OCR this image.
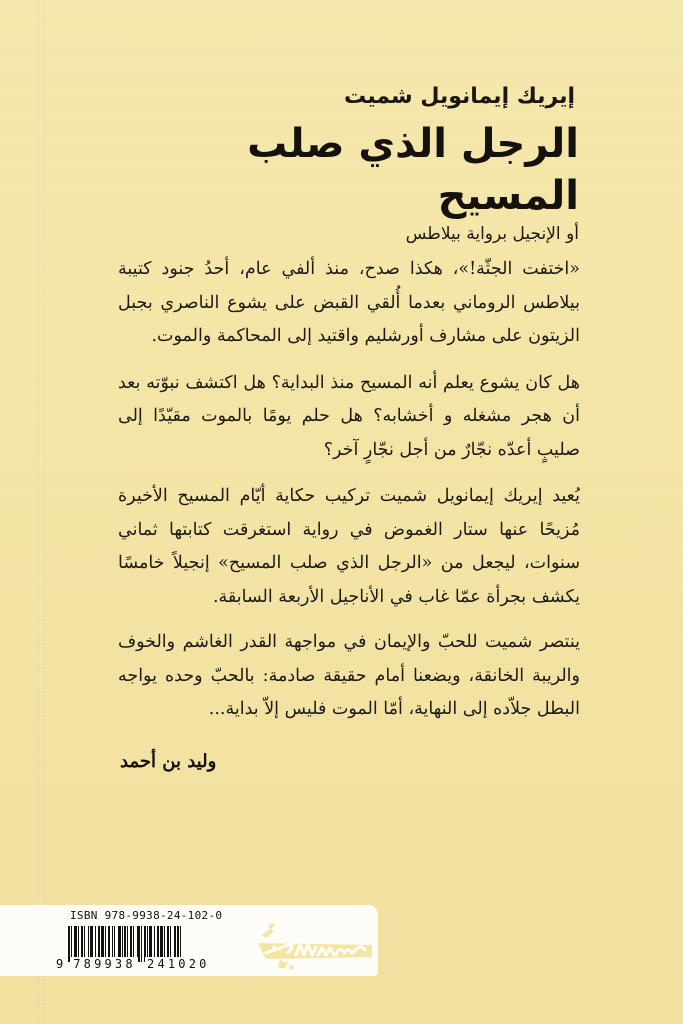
إيريك إيمانويل شميت
الرجل الذي صلب المسيح
أو الإنجيل برواية بيلاطس

«اختفت الجثّة!»، هكذا صدح، منذ ألفي عام، أحدُ جنود كتيبة بيلاطس الروماني بعدما أُلقي القبض على يشوع الناصري بجبل الزيتون على مشارف أورشليم واقتيد إلى المحاكمة والموت.

هل كان يشوع يعلم أنه المسيح منذ البداية؟ هل اكتشف نبوّته بعد أن هجر مشغله و أخشابه؟ هل حلم يومًا بالموت مقيّدًا إلى صليبٍ أعدّه نجّارٌ من أجل نجّارٍ آخر؟

يُعيد إيريك إيمانويل شميت تركيب حكاية أيّام المسيح الأخيرة مُزيحًا عنها ستار الغموض في رواية استغرقت كتابتها ثماني سنوات، ليجعل من «الرجل الذي صلب المسيح» إنجيلاً خامسًا يكشف بجرأة عمّا غاب في الأناجيل الأربعة السابقة.

ينتصر شميت للحبّ والإيمان في مواجهة القدر الغاشم والخوف والريبة الخانقة، ويضعنا أمام حقيقة صادمة: بالحبّ وحده يواجه البطل جلاّده إلى النهاية، أمّا الموت فليس إلاّ بداية...

وليد بن أحمد
ISBN 978-9938-24-102-0
9 789938 241020
